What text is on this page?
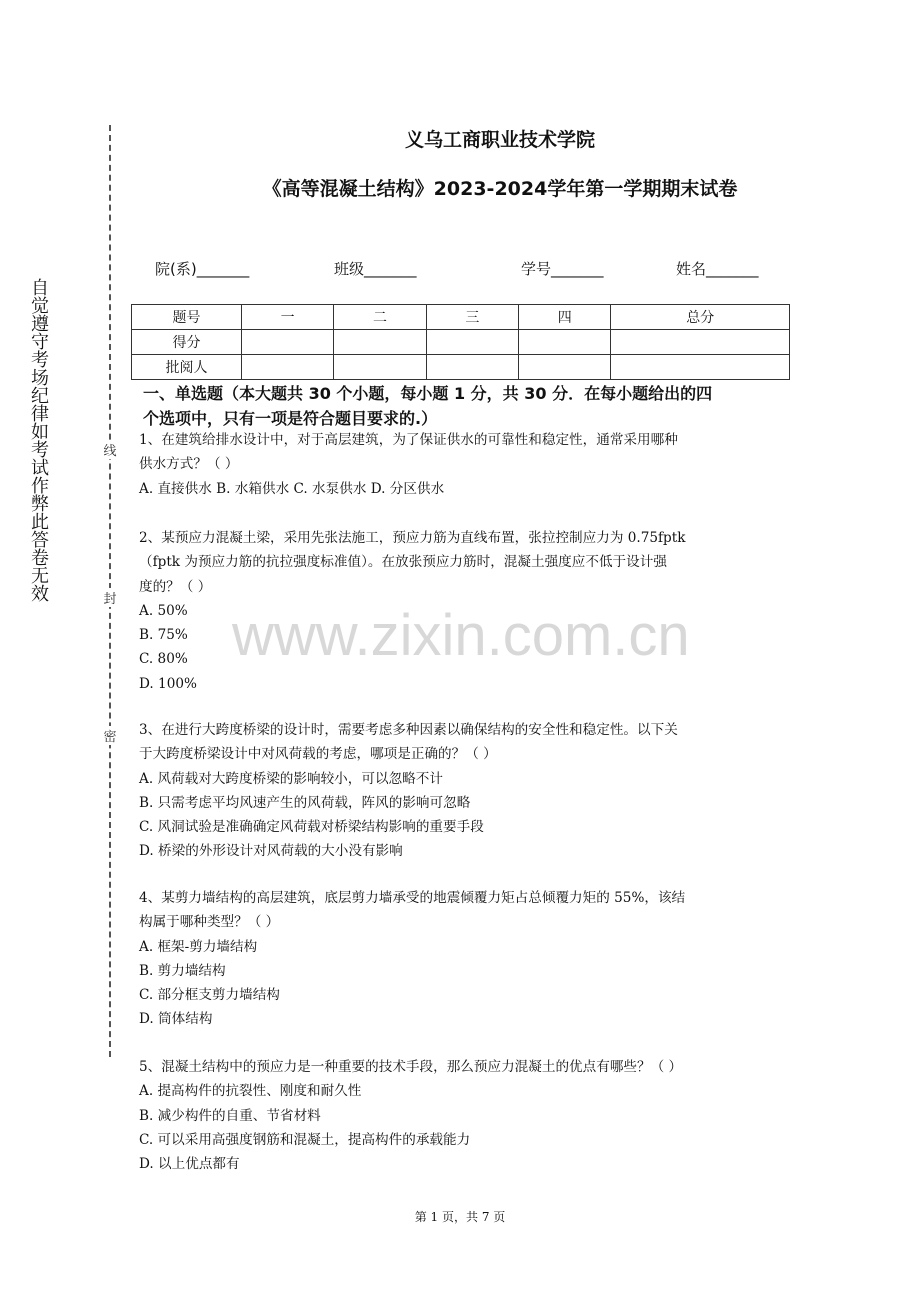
义乌工商职业技术学院
《高等混凝土结构》2023-2024学年第一学期期末试卷
自觉遵守考场纪律如考试作弊此答卷无效	线
封
密
院(系)_______	班级_______	学号_______	姓名_______
题号	一	二	三	四	总分
得分					
批阅人					
一、单选题（本大题共 30 个小题，每小题 1 分，共 30 分．在每小题给出的四
个选项中，只有一项是符合题目要求的.）
www.zixin.com.cn
1、在建筑给排水设计中，对于高层建筑，为了保证供水的可靠性和稳定性，通常采用哪种
供水方式？（ ）
A. 直接供水 B. 水箱供水 C. 水泵供水 D. 分区供水
2、某预应力混凝土梁，采用先张法施工，预应力筋为直线布置，张拉控制应力为 0.75fptk
（fptk 为预应力筋的抗拉强度标准值）。在放张预应力筋时，混凝土强度应不低于设计强
度的？（ ）
A. 50%
B. 75%
C. 80%
D. 100%
3、在进行大跨度桥梁的设计时，需要考虑多种因素以确保结构的安全性和稳定性。以下关
于大跨度桥梁设计中对风荷载的考虑，哪项是正确的？（ ）
A. 风荷载对大跨度桥梁的影响较小，可以忽略不计
B. 只需考虑平均风速产生的风荷载，阵风的影响可忽略
C. 风洞试验是准确确定风荷载对桥梁结构影响的重要手段
D. 桥梁的外形设计对风荷载的大小没有影响
4、某剪力墙结构的高层建筑，底层剪力墙承受的地震倾覆力矩占总倾覆力矩的 55%，该结
构属于哪种类型？（ ）
A. 框架-剪力墙结构
B. 剪力墙结构
C. 部分框支剪力墙结构
D. 筒体结构
5、混凝土结构中的预应力是一种重要的技术手段，那么预应力混凝土的优点有哪些？（ ）
A. 提高构件的抗裂性、刚度和耐久性
B. 减少构件的自重、节省材料
C. 可以采用高强度钢筋和混凝土，提高构件的承载能力
D. 以上优点都有
第 1 页，共 7 页
